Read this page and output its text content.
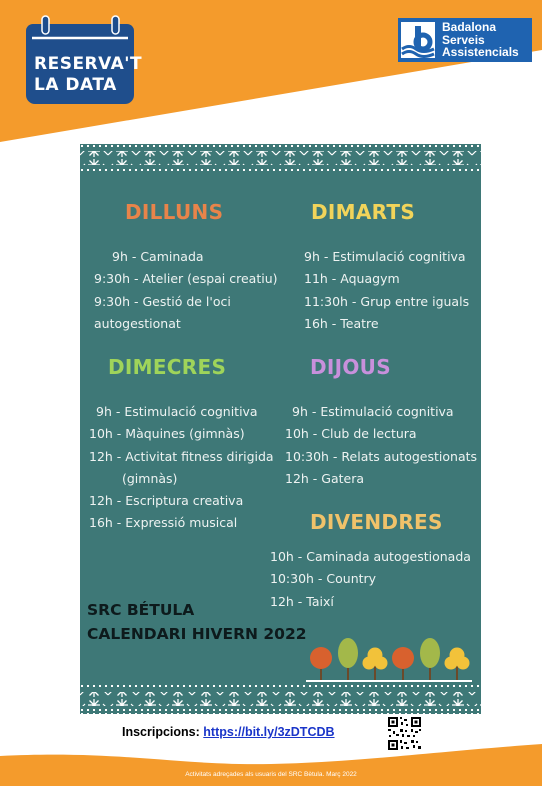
RESERVA'T
LA DATA
Badalona
Serveis
Assistencials
DILLUNS
9h - Caminada
9:30h - Atelier (espai creatiu)
9:30h - Gestió de l'oci
autogestionat
DIMARTS
9h - Estimulació cognitiva
11h - Aquagym
11:30h - Grup entre iguals
16h - Teatre
DIMECRES
9h - Estimulació cognitiva
10h - Màquines (gimnàs)
12h - Activitat fitness dirigida
(gimnàs)
12h - Escriptura creativa
16h - Expressió musical
DIJOUS
9h - Estimulació cognitiva
10h - Club de lectura
10:30h - Relats autogestionats
12h - Gatera
DIVENDRES
10h - Caminada autogestionada
10:30h - Country
12h - Taixí
SRC BÉTULA
CALENDARI HIVERN 2022
Inscripcions: https://bit.ly/3zDTCDB
Activitats adreçades als usuaris del SRC Bètula. Març 2022
